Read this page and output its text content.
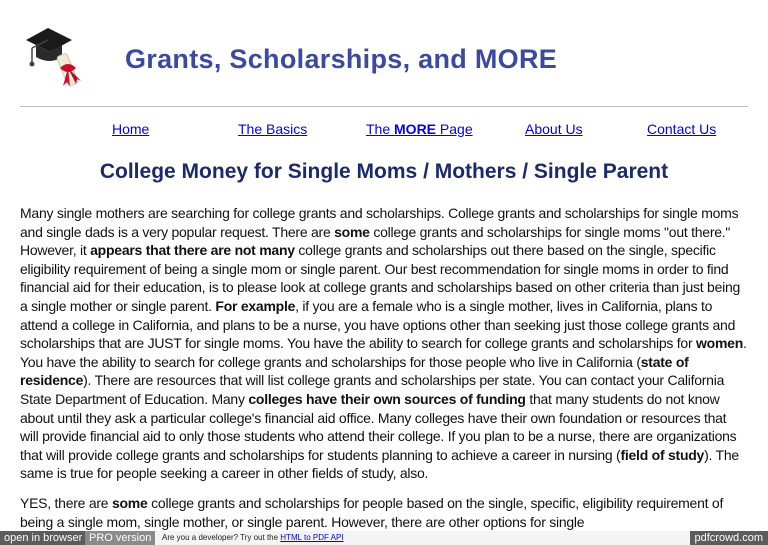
Grants, Scholarships, and MORE
Home	The Basics	The MORE Page	About Us	Contact Us
College Money for Single Moms / Mothers / Single Parent

Many single mothers are searching for college grants and scholarships. College grants and scholarships for single moms and single dads is a very popular request. There are some college grants and scholarships for single moms "out there." However, it appears that there are not many college grants and scholarships out there based on the single, specific eligibility requirement of being a single mom or single parent. Our best recommendation for single moms in order to find financial aid for their education, is to please look at college grants and scholarships based on other criteria than just being a single mother or single parent. For example, if you are a female who is a single mother, lives in California, plans to attend a college in California, and plans to be a nurse, you have options other than seeking just those college grants and scholarships that are JUST for single moms. You have the ability to search for college grants and scholarships for women. You have the ability to search for college grants and scholarships for those people who live in California (state of residence). There are resources that will list college grants and scholarships per state. You can contact your California State Department of Education. Many colleges have their own sources of funding that many students do not know about until they ask a particular college's financial aid office. Many colleges have their own foundation or resources that will provide financial aid to only those students who attend their college. If you plan to be a nurse, there are organizations that will provide college grants and scholarships for students planning to achieve a career in nursing (field of study). The same is true for people seeking a career in other fields of study, also.

YES, there are some college grants and scholarships for people based on the single, specific, eligibility requirement of being a single mom, single mother, or single parent. However, there are other options for single

open in browser PRO version	Are you a developer? Try out the HTML to PDF API	pdfcrowd.com
